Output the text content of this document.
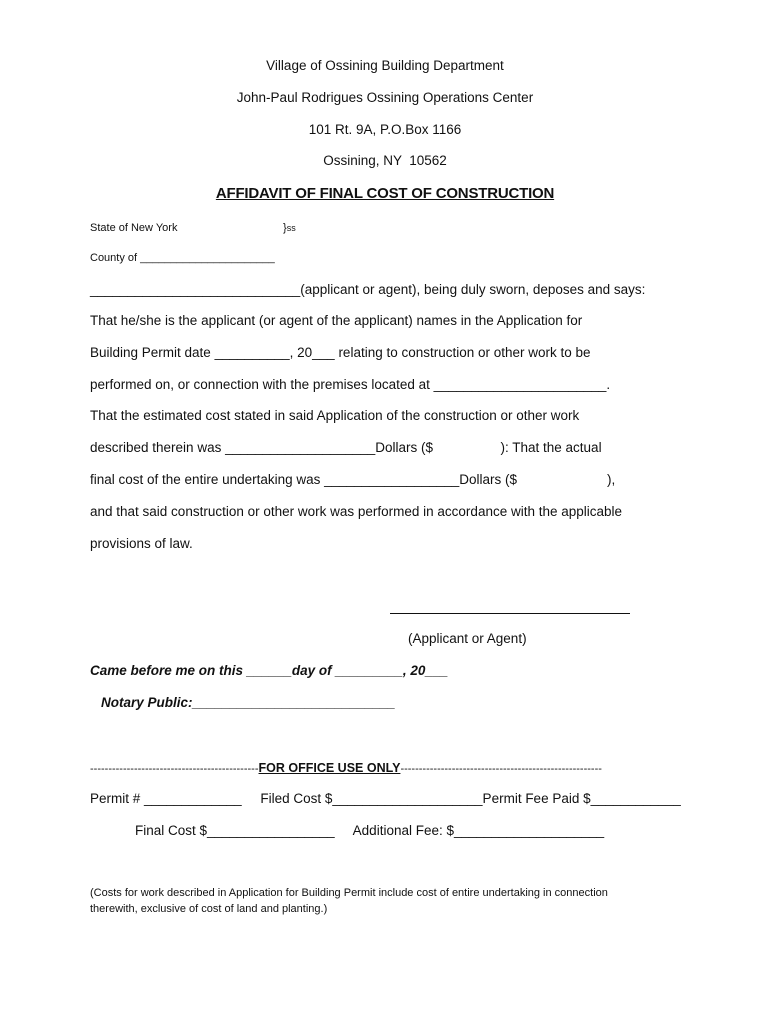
Village of Ossining Building Department
John-Paul Rodrigues Ossining Operations Center
101 Rt. 9A, P.O.Box 1166
Ossining, NY  10562
AFFIDAVIT OF FINAL COST OF CONSTRUCTION
State of New York	}ss
County of ______________________
____________________________(applicant or agent), being duly sworn, deposes and says:
That he/she is the applicant (or agent of the applicant) names in the Application for
Building Permit date __________, 20___ relating to construction or other work to be
performed on, or connection with the premises located at _______________________.
That the estimated cost stated in said Application of the construction or other work
described therein was ____________________Dollars ($                  ): That the actual
final cost of the entire undertaking was __________________Dollars ($                        ),
and that said construction or other work was performed in accordance with the applicable
provisions of law.
(Applicant or Agent)
Came before me on this ______day of _________, 20___
Notary Public:___________________________
----------------------------------------------FOR OFFICE USE ONLY-------------------------------------------------------
Permit # _____________     Filed Cost $____________________Permit Fee Paid $____________
Final Cost $_________________     Additional Fee: $____________________
(Costs for work described in Application for Building Permit include cost of entire undertaking in connection
therewith, exclusive of cost of land and planting.)
